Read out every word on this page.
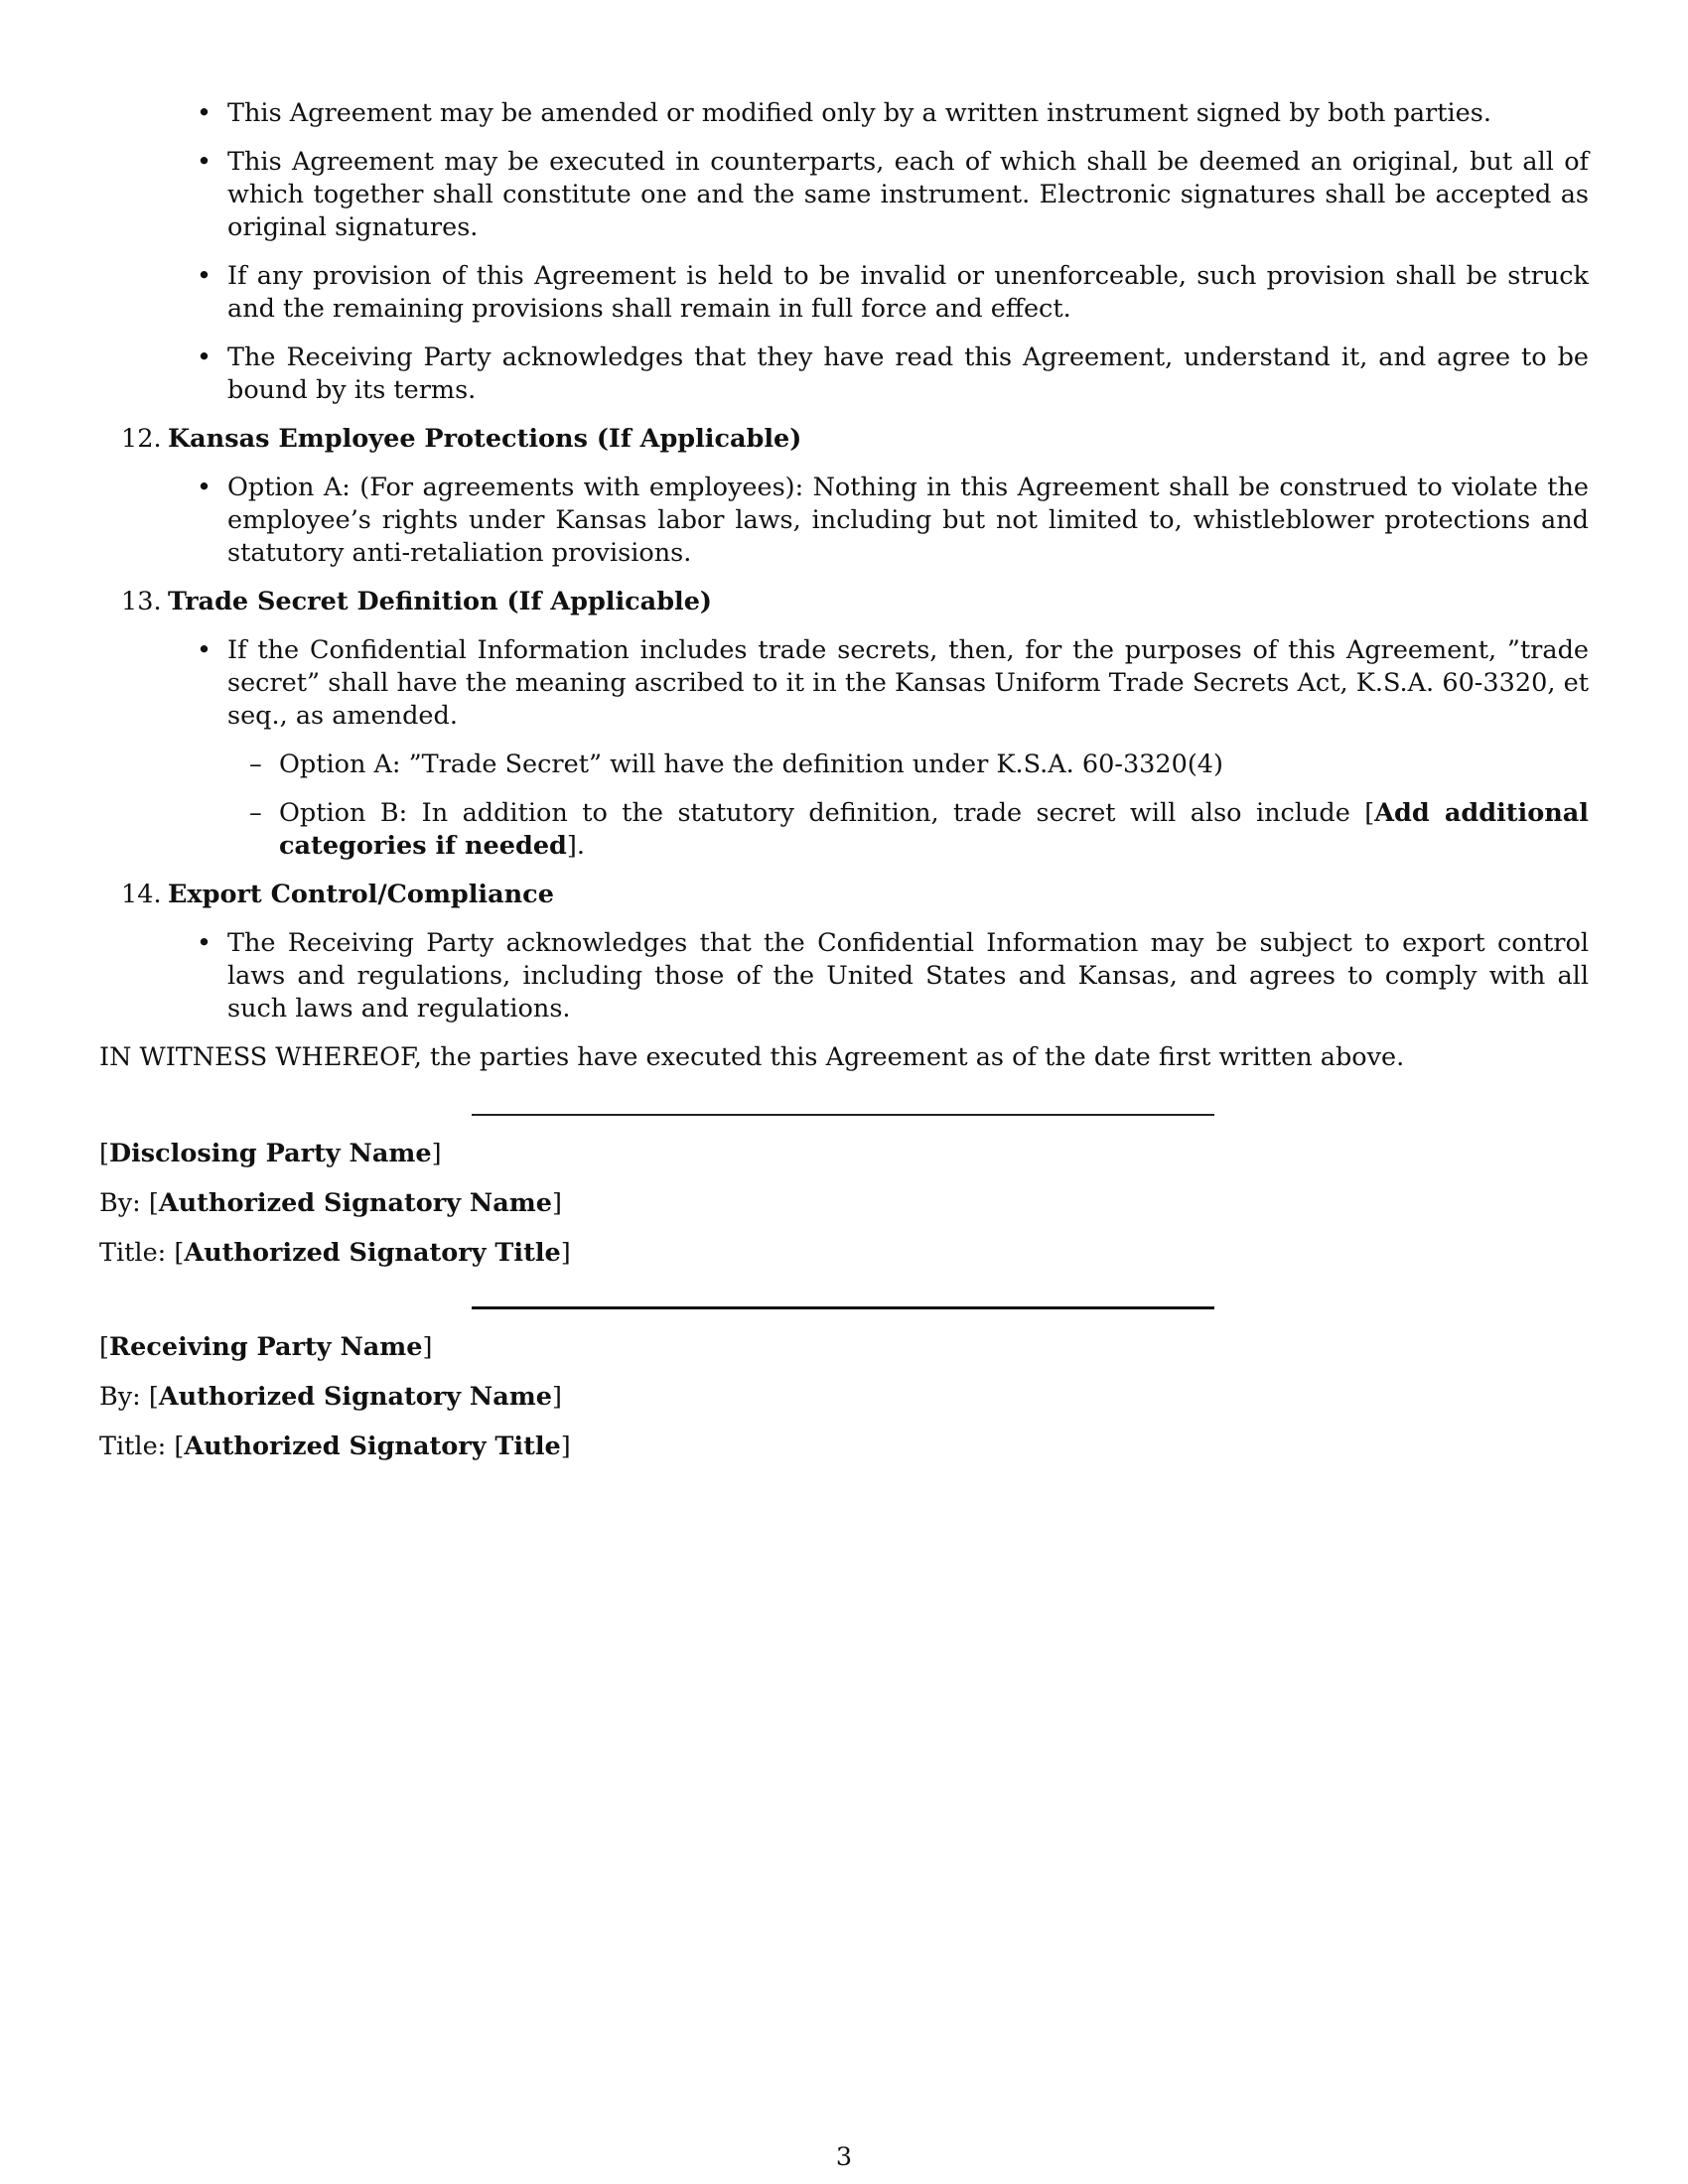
• This Agreement may be amended or modified only by a written instrument signed by both parties.
• This Agreement may be executed in counterparts, each of which shall be deemed an original, but all of which together shall constitute one and the same instrument. Electronic signatures shall be accepted as original signatures.
• If any provision of this Agreement is held to be invalid or unenforceable, such provision shall be struck and the remaining provisions shall remain in full force and effect.
• The Receiving Party acknowledges that they have read this Agreement, understand it, and agree to be bound by its terms.
12. Kansas Employee Protections (If Applicable)
• Option A: (For agreements with employees): Nothing in this Agreement shall be construed to violate the employee’s rights under Kansas labor laws, including but not limited to, whistleblower protections and statutory anti-retaliation provisions.
13. Trade Secret Definition (If Applicable)
• If the Confidential Information includes trade secrets, then, for the purposes of this Agreement, ”trade secret” shall have the meaning ascribed to it in the Kansas Uniform Trade Secrets Act, K.S.A. 60-3320, et seq., as amended.
– Option A: ”Trade Secret” will have the definition under K.S.A. 60-3320(4)
– Option B: In addition to the statutory definition, trade secret will also include [Add additional categories if needed].
14. Export Control/Compliance
• The Receiving Party acknowledges that the Confidential Information may be subject to export control laws and regulations, including those of the United States and Kansas, and agrees to comply with all such laws and regulations.

IN WITNESS WHEREOF, the parties have executed this Agreement as of the date first written above.

[Disclosing Party Name]

By: [Authorized Signatory Name]

Title: [Authorized Signatory Title]

[Receiving Party Name]

By: [Authorized Signatory Name]

Title: [Authorized Signatory Title]

3
